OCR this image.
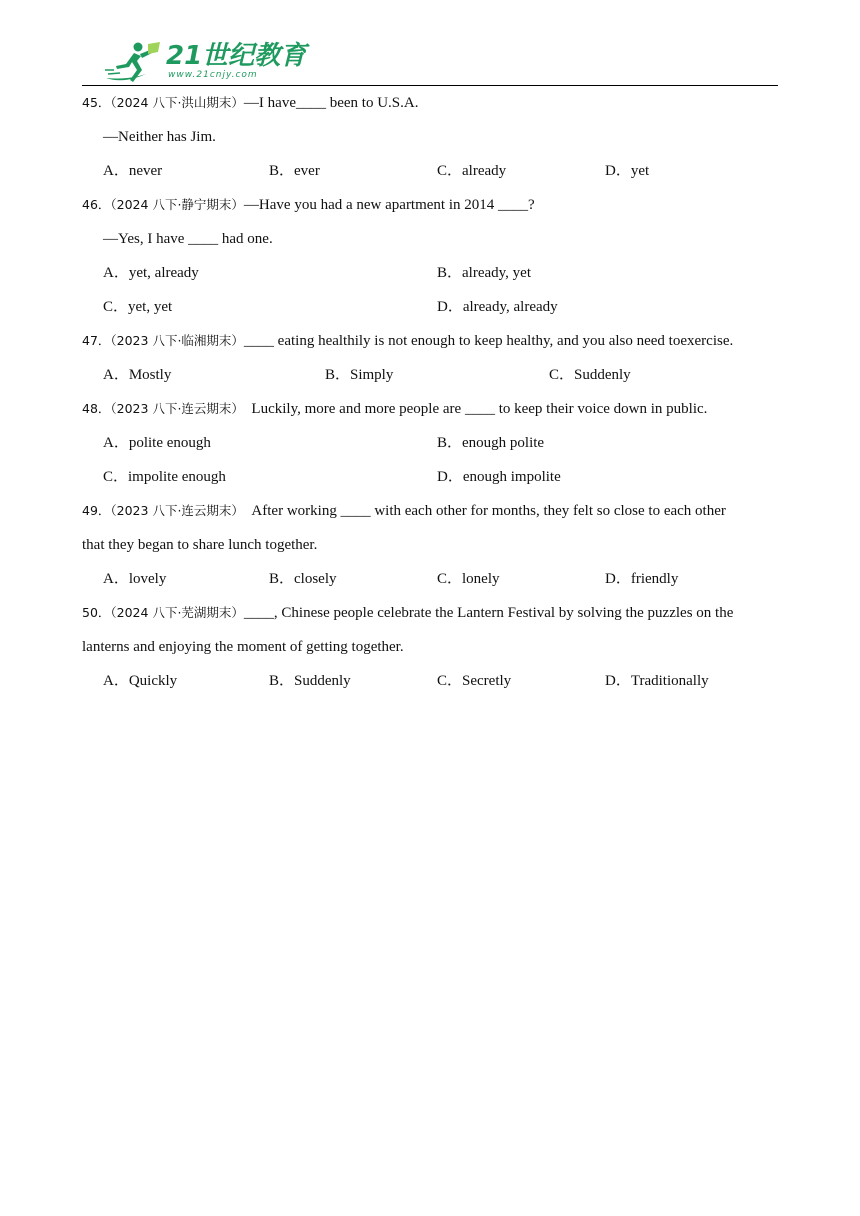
21世纪教育
www.21cnjy.com
45．（2024 八下·洪山期末）—I have____ been to U.S.A.
—Neither has Jim.
A．never	B．ever	C．already	D．yet
46．（2024 八下·静宁期末）—Have you had a new apartment in 2014 ____?
—Yes, I have ____ had one.
A．yet, already	B．already, yet
C．yet, yet	D．already, already
47．（2023 八下·临湘期末）____ eating healthily is not enough to keep healthy, and you also need toexercise.
A．Mostly	B．Simply	C．Suddenly
48．（2023 八下·连云期末） Luckily, more and more people are ____ to keep their voice down in public.
A．polite enough	B．enough polite
C．impolite enough	D．enough impolite
49．（2023 八下·连云期末） After working ____ with each other for months, they felt so close to each other
that they began to share lunch together.
A．lovely	B．closely	C．lonely	D．friendly
50．（2024 八下·芜湖期末）____, Chinese people celebrate the Lantern Festival by solving the puzzles on the
lanterns and enjoying the moment of getting together.
A．Quickly	B．Suddenly	C．Secretly	D．Traditionally
